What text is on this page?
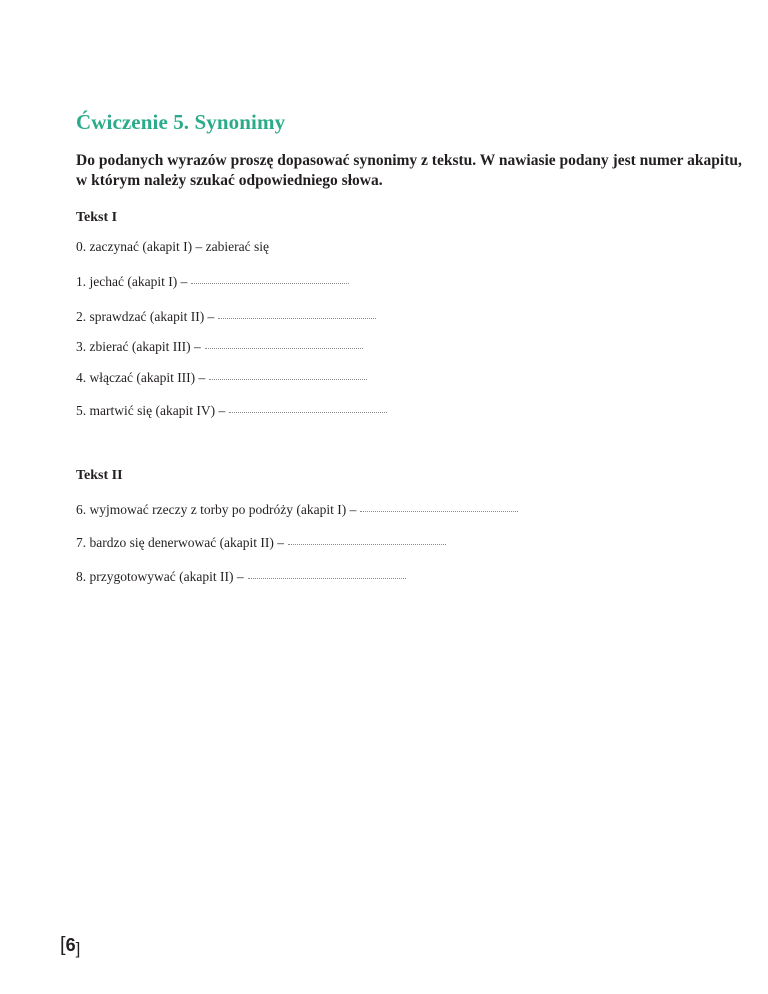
Ćwiczenie 5. Synonimy
Do podanych wyrazów proszę dopasować synonimy z tekstu. W nawiasie podany jest numer akapitu,
w którym należy szukać odpowiedniego słowa.
Tekst I
0. zaczynać (akapit I) – zabierać się
1. jechać (akapit I) –
2. sprawdzać (akapit II) –
3. zbierać (akapit III) –
4. włączać (akapit III) –
5. martwić się (akapit IV) –
Tekst II
6. wyjmować rzeczy z torby po podróży (akapit I) –
7. bardzo się denerwować (akapit II) –
8. przygotowywać (akapit II) –
[6]
